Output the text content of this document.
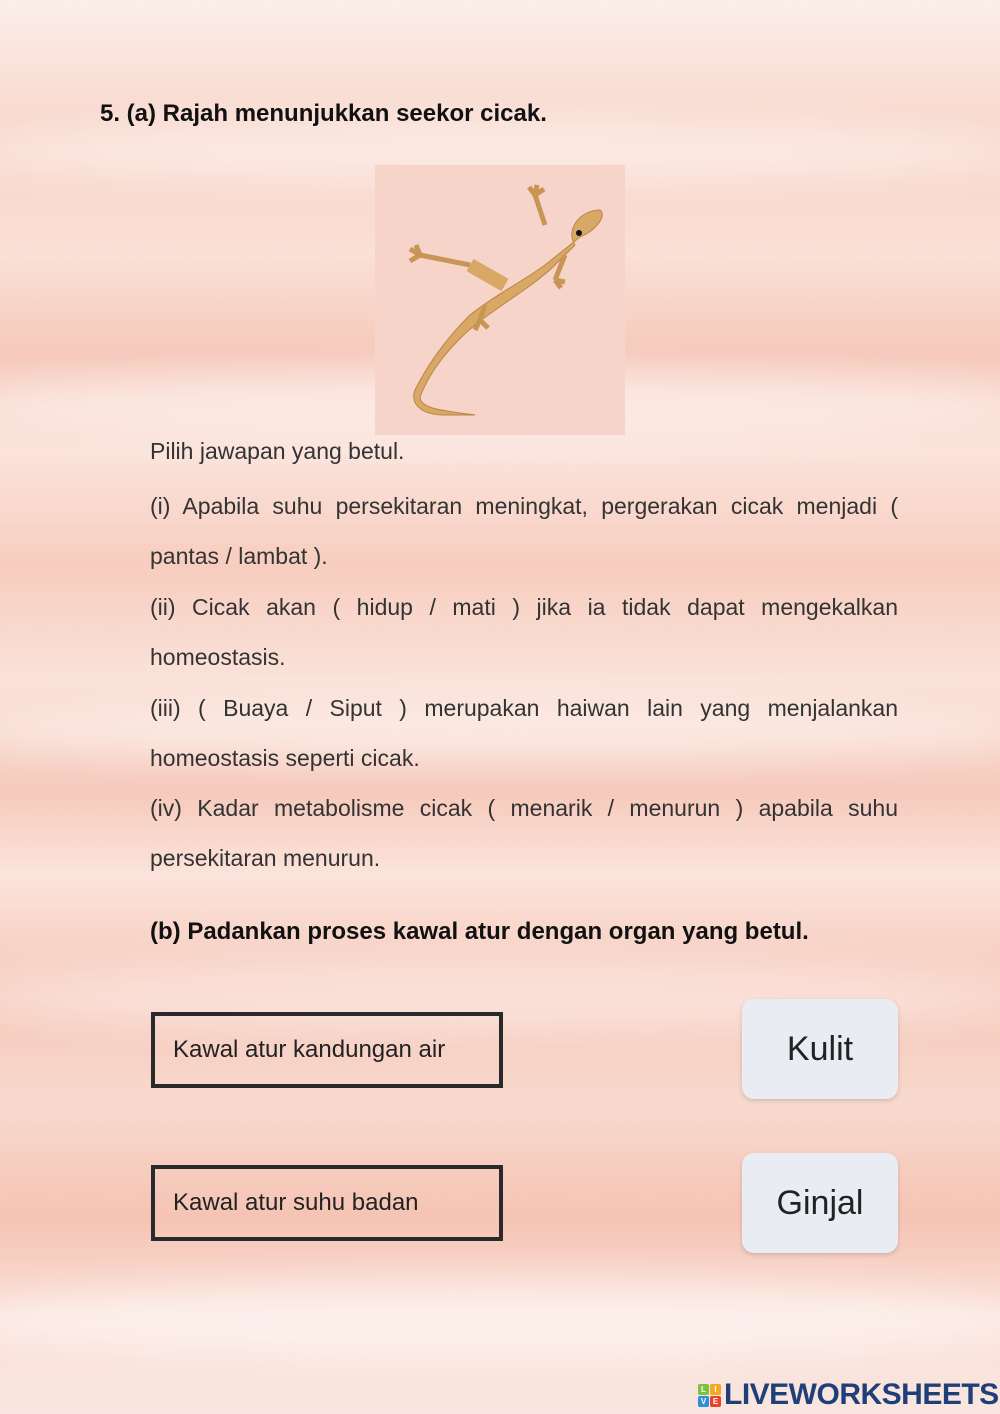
5. (a) Rajah menunjukkan seekor cicak.
Pilih jawapan yang betul.
(i) Apabila suhu persekitaran meningkat, pergerakan cicak menjadi ( pantas / lambat ).
(ii) Cicak akan ( hidup / mati ) jika ia tidak dapat mengekalkan homeostasis.
(iii) ( Buaya / Siput ) merupakan haiwan lain yang menjalankan homeostasis seperti cicak.
(iv) Kadar metabolisme cicak ( menarik / menurun ) apabila suhu persekitaran menurun.
(b) Padankan proses kawal atur dengan organ yang betul.
Kawal atur kandungan air
Kawal atur suhu badan
Kulit
Ginjal
L	I
V E LIVEWORKSHEETS
